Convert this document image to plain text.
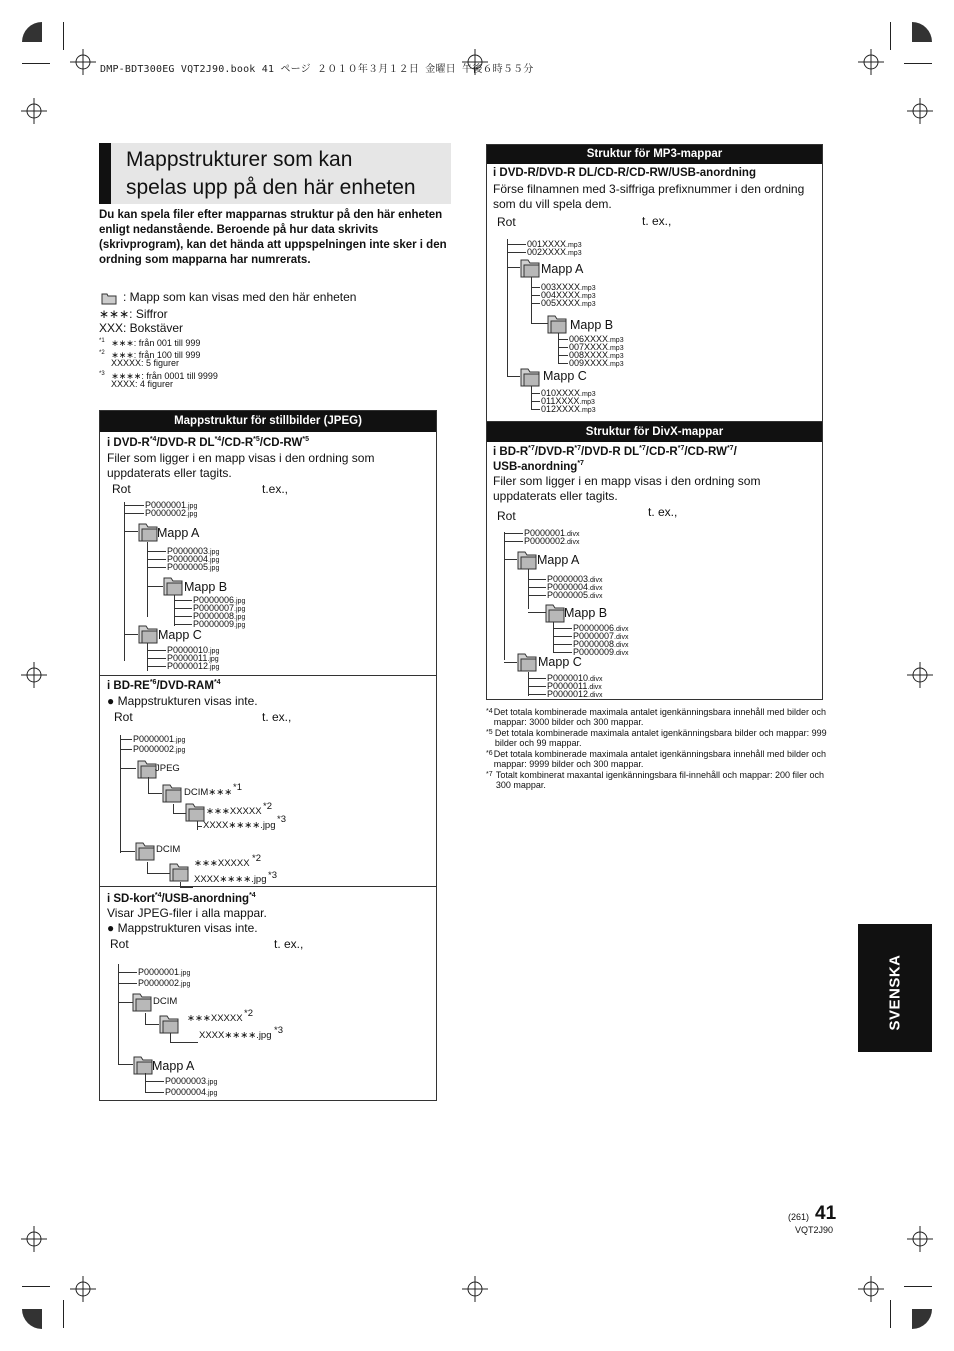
DMP-BDT300EG VQT2J90.book 41 ページ ２０１０年３月１２日 金曜日 午後６時５５分
Mappstrukturer som kan
spelas upp på den här enheten
Du kan spela filer efter mapparnas struktur på den här enheten enligt nedanstående. Beroende på hur data skrivits (skrivprogram), kan det hända att uppspelningen inte sker i den ordning som mapparna har numrerats.
: Mapp som kan visas med den här enheten
∗∗∗: Siffror
XXX: Bokstäver
$^{*1}$ ∗∗∗: från 001 till 999
$^{*2}$ ∗∗∗: från 100 till 999
XXXXX: 5 figurer
$^{*3}$ ∗∗∗∗: från 0001 till 9999
XXXX: 4 figurer
Mappstruktur för stillbilder (JPEG)
i DVD-$R^{*4}/DVD-R$ $DL^{*4}/CD-R^{*5}/CD-RW^{*5}$
Filer som ligger i en mapp visas i den ordning som uppdaterats eller tagits.
Rot	t.ex.,
P0000001.jpg
P0000002.jpg
Mapp A
P0000003.jpg
P0000004.jpg
P0000005.jpg
Mapp B
P0000006.jpg
P0000007.jpg
P0000008.jpg
P0000009.jpg
Mapp C
P0000010.jpg
P0000011.jpg
P0000012.jpg
i BD-RE$^{*6}$/DVD-RAM$^{*4}$
● Mappstrukturen visas inte.
Rot	t. ex.,
P0000001.jpg
P0000002.jpg
JPEG
DCIM∗∗∗ *1
∗∗∗XXXXX *2
XXXX∗∗∗∗.jpg
*3
DCIM
∗∗∗XXXXX *2
XXXX∗∗∗∗.jpg *3
i SD-kort$^{*4}$/USB-anordning$^{*4}$
Visar JPEG-filer i alla mappar.
● Mappstrukturen visas inte.
Rot	t. ex.,
P0000001.jpg
P0000002.jpg
DCIM
∗∗∗XXXXX *2
XXXX∗∗∗∗.jpg *3
Mapp A
P0000003.jpg
P0000004.jpg
Struktur för MP3-mappar
i DVD-R/DVD-R DL/CD-R/CD-RW/USB-anordning
Förse filnamnen med 3-siffriga prefixnummer i den ordning som du vill spela dem.
Rot	t. ex.,
001XXXX.mp3
002XXXX.mp3
Mapp A
003XXXX.mp3
004XXXX.mp3
005XXXX.mp3
Mapp B
006XXXX.mp3
007XXXX.mp3
008XXXX.mp3
009XXXX.mp3
Mapp C
010XXXX.mp3
011XXXX.mp3
012XXXX.mp3
Struktur för DivX-mappar
i $BD-R^{*7}/DVD-R^{*7}/DVD-R$ $DL^{*7}/CD-R^{*7}/CD-RW^{*7}/$
USB-anordning$^{*7}$
Filer som ligger i en mapp visas i den ordning som uppdaterats eller tagits.
Rot	t. ex.,
P0000001.divx
P0000002.divx
Mapp A
P0000003.divx
P0000004.divx
P0000005.divx
Mapp B
P0000006.divx
P0000007.divx
P0000008.divx
P0000009.divx
Mapp C
P0000010.divx
P0000011.divx
P0000012.divx
*4 Det totala kombinerade maximala antalet igenkänningsbara innehåll med bilder och mappar: 3000 bilder och 300 mappar.
*5 Det totala kombinerade maximala antalet igenkänningsbara bilder och mappar: 999 bilder och 99 mappar.
*6 Det totala kombinerade maximala antalet igenkänningsbara innehåll med bilder och mappar: 9999 bilder och 300 mappar.
*7 Totalt kombinerat maxantal igenkänningsbara fil-innehåll och mappar: 200 filer och 300 mappar.
SVENSKA
(261) 41
VQT2J90
